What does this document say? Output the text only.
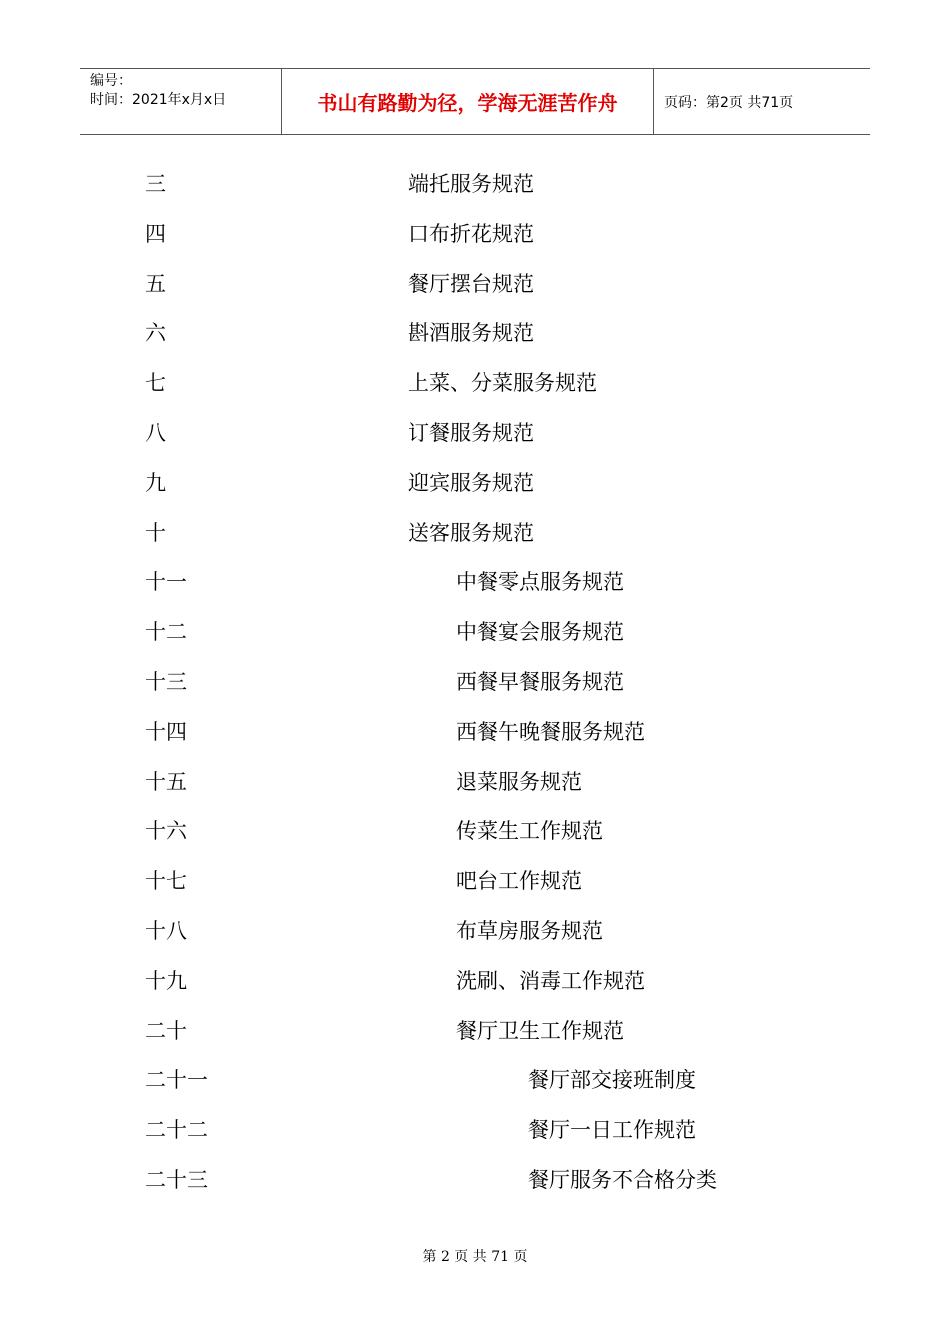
编号：
时间：2021年x月x日	书山有路勤为径，学海无涯苦作舟	页码：第2页 共71页
三	端托服务规范
四	口布折花规范
五	餐厅摆台规范
六	斟酒服务规范
七	上菜、分菜服务规范
八	订餐服务规范
九	迎宾服务规范
十	送客服务规范
十一	中餐零点服务规范
十二	中餐宴会服务规范
十三	西餐早餐服务规范
十四	西餐午晚餐服务规范
十五	退菜服务规范
十六	传菜生工作规范
十七	吧台工作规范
十八	布草房服务规范
十九	洗刷、消毒工作规范
二十	餐厅卫生工作规范
二十一	餐厅部交接班制度
二十二	餐厅一日工作规范
二十三	餐厅服务不合格分类
第 2 页 共 71 页
